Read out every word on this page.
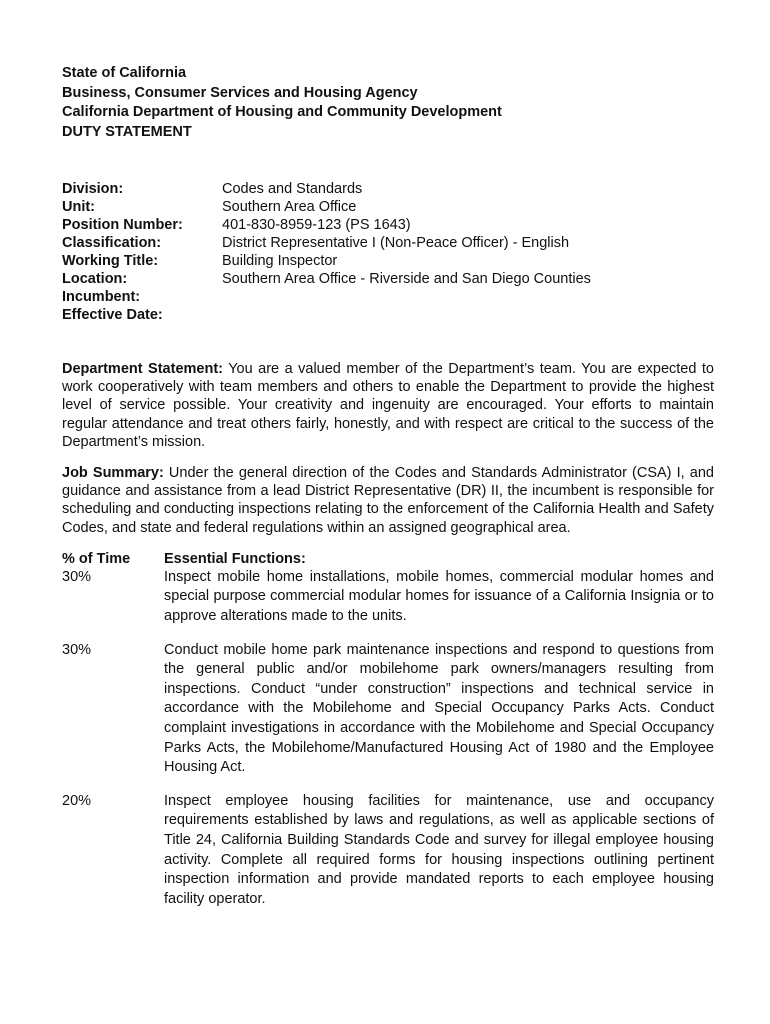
State of California
Business, Consumer Services and Housing Agency
California Department of Housing and Community Development
DUTY STATEMENT
Division:	Codes and Standards
Unit:	Southern Area Office
Position Number:	401-830-8959-123 (PS 1643)
Classification:	District Representative I (Non-Peace Officer) - English
Working Title:	Building Inspector
Location:	Southern Area Office - Riverside and San Diego Counties
Incumbent:
Effective Date:

Department Statement: You are a valued member of the Department’s team. You are expected to work cooperatively with team members and others to enable the Department to provide the highest level of service possible. Your creativity and ingenuity are encouraged. Your efforts to maintain regular attendance and treat others fairly, honestly, and with respect are critical to the success of the Department’s mission.

Job Summary: Under the general direction of the Codes and Standards Administrator (CSA) I, and guidance and assistance from a lead District Representative (DR) II, the incumbent is responsible for scheduling and conducting inspections relating to the enforcement of the California Health and Safety Codes, and state and federal regulations within an assigned geographical area.

% of Time	Essential Functions:
30%	Inspect mobile home installations, mobile homes, commercial modular homes and special purpose commercial modular homes for issuance of a California Insignia or to approve alterations made to the units.
30%	Conduct mobile home park maintenance inspections and respond to questions from the general public and/or mobilehome park owners/managers resulting from inspections. Conduct “under construction” inspections and technical service in accordance with the Mobilehome and Special Occupancy Parks Acts. Conduct complaint investigations in accordance with the Mobilehome and Special Occupancy Parks Acts, the Mobilehome/Manufactured Housing Act of 1980 and the Employee Housing Act.
20%	Inspect employee housing facilities for maintenance, use and occupancy requirements established by laws and regulations, as well as applicable sections of Title 24, California Building Standards Code and survey for illegal employee housing activity. Complete all required forms for housing inspections outlining pertinent inspection information and provide mandated reports to each employee housing facility operator.
